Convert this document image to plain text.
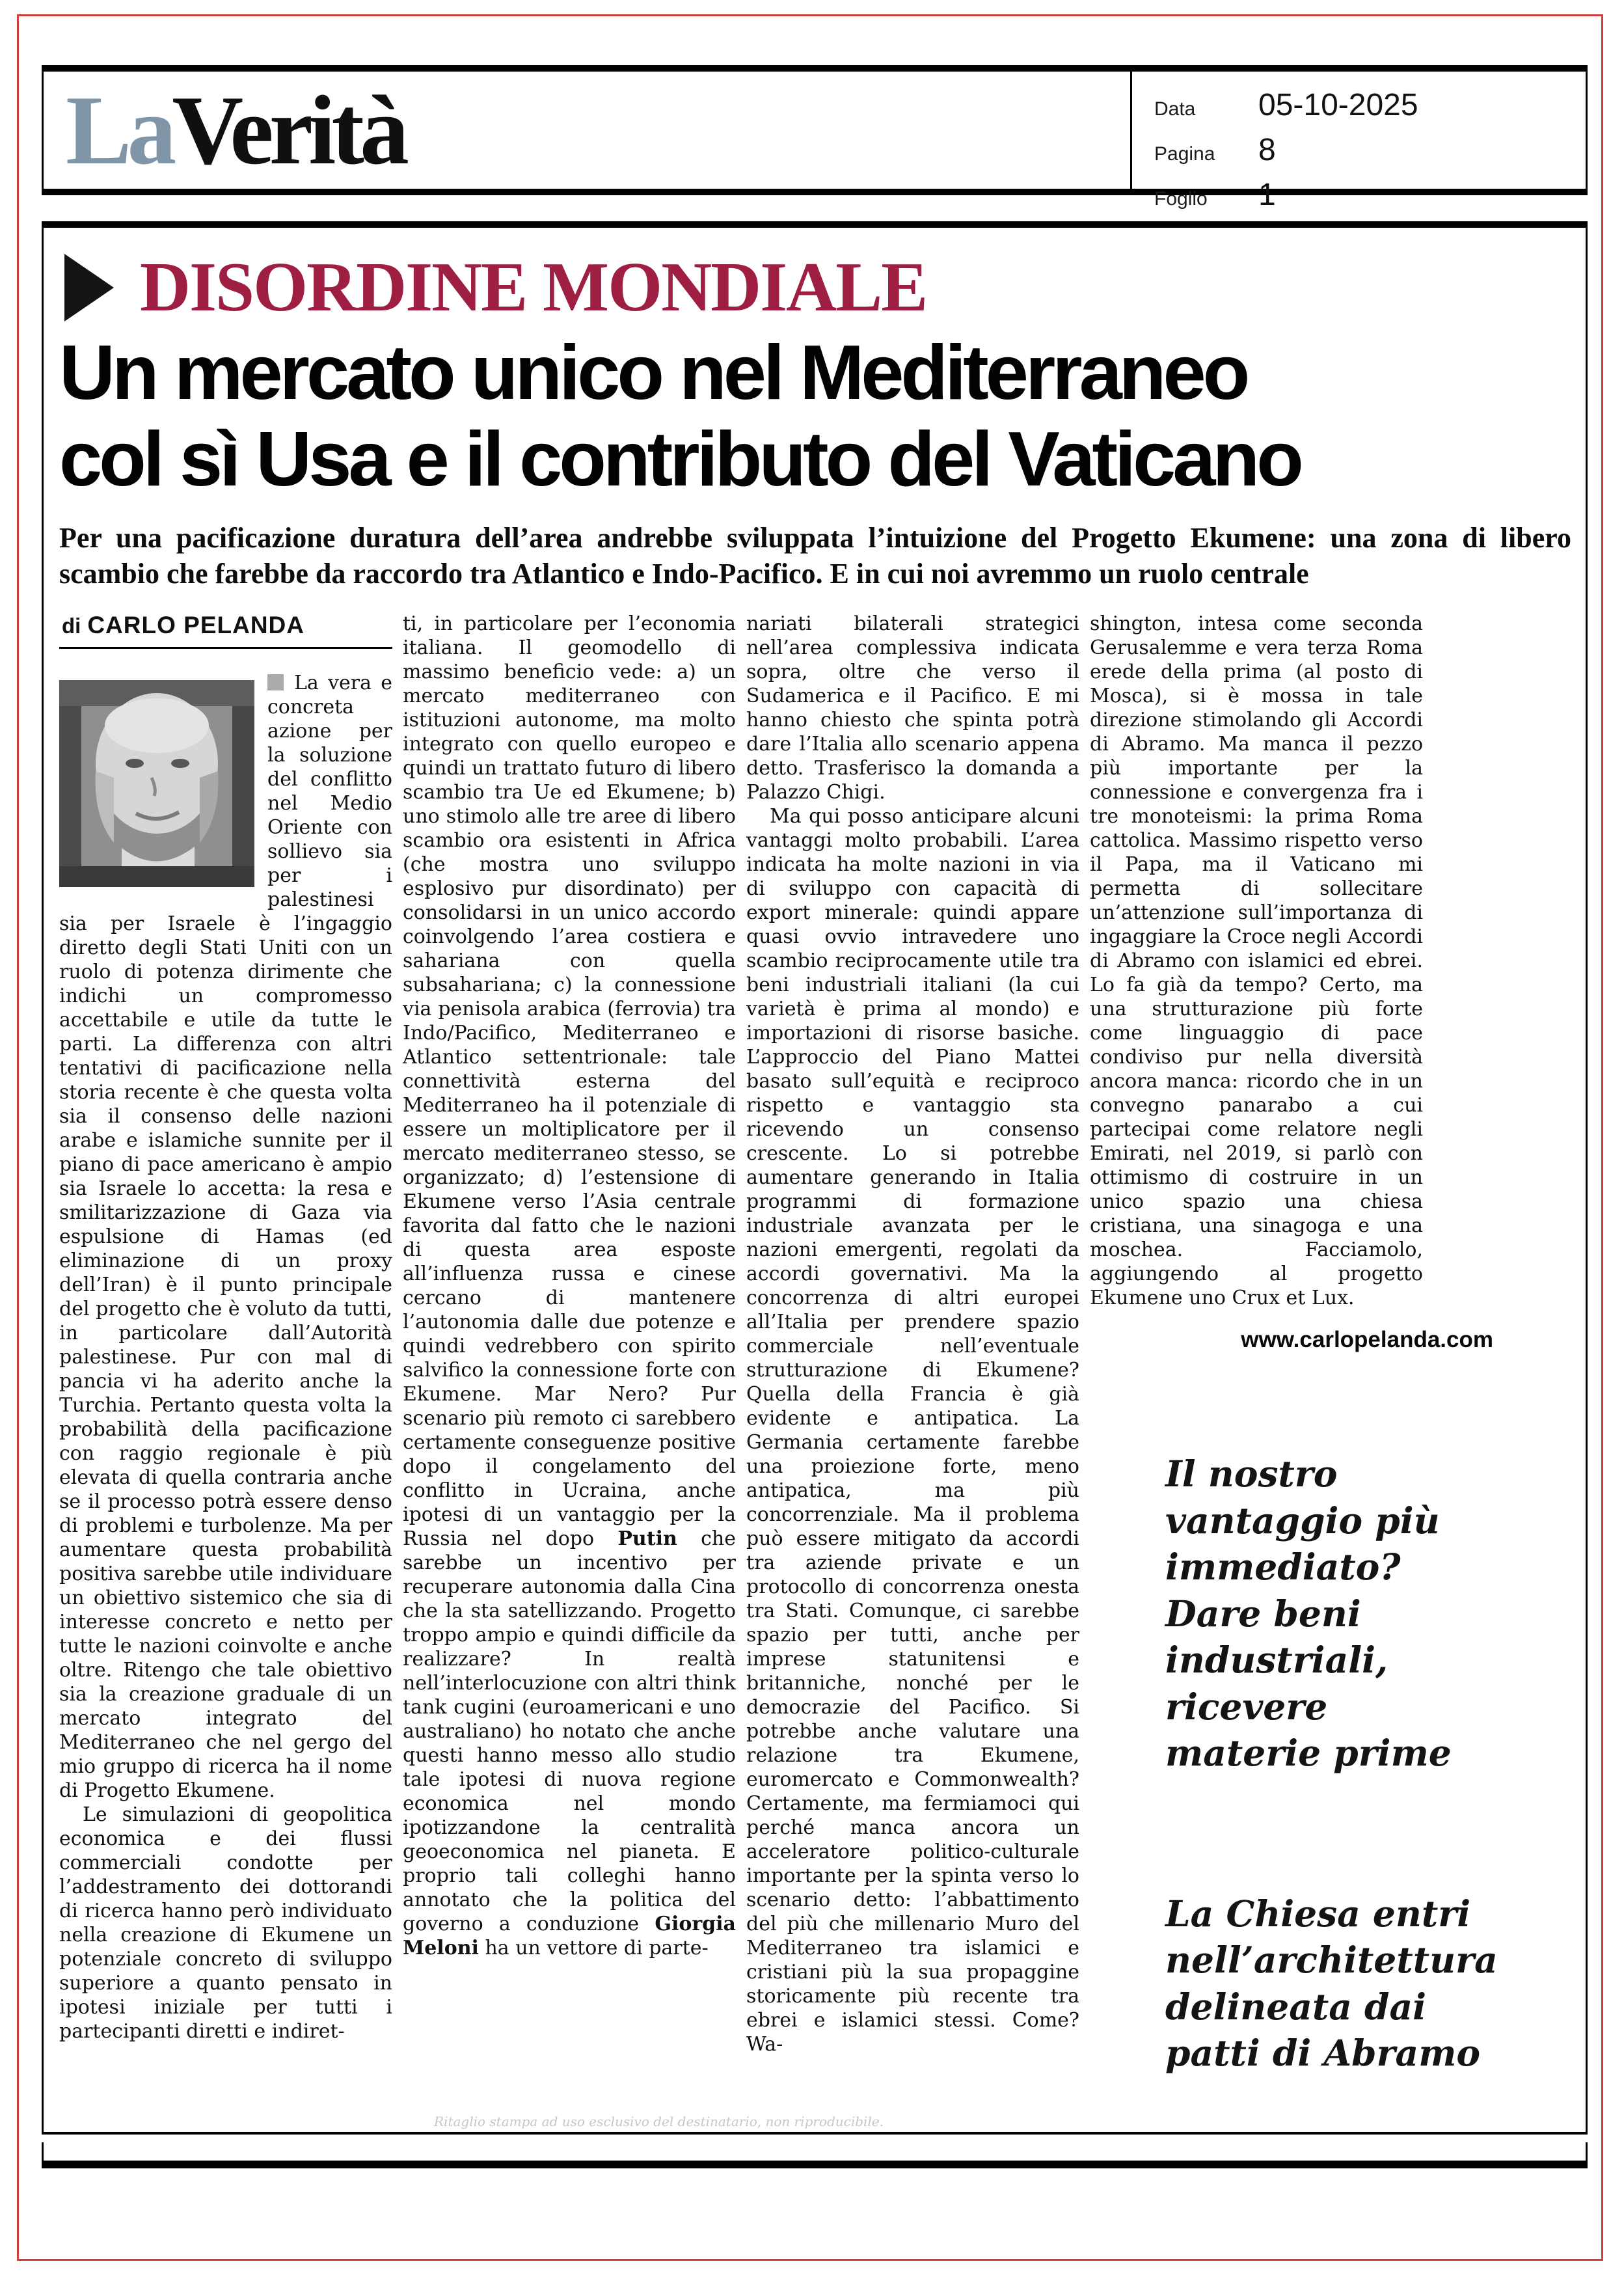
LaVerità	Data	05-10-2025
Pagina	8
Foglio	1
DISORDINE MONDIALE
Un mercato unico nel Mediterraneo
col sì Usa e il contributo del Vaticano

Per una pacificazione duratura dell’area andrebbe sviluppata l’intuizione del Progetto Ekumene: una zona di libero scambio che farebbe da raccordo tra Atlantico e Indo-Pacifico. E in cui noi avremmo un ruolo centrale

di CARLO PELANDA

La vera e concreta azione per la soluzione del conflitto nel Medio Oriente con sollievo sia per i palestinesi sia per Israele è l’ingaggio diretto degli Stati Uniti con un ruolo di potenza dirimente che indichi un compromesso accettabile e utile da tutte le parti. La differenza con altri tentativi di pacificazione nella storia recente è che questa volta sia il consenso delle nazioni arabe e islamiche sunnite per il piano di pace americano è ampio sia Israele lo accetta: la resa e smilitarizzazione di Gaza via espulsione di Hamas (ed eliminazione di un proxy dell’Iran) è il punto principale del progetto che è voluto da tutti, in particolare dall’Autorità palestinese. Pur con mal di pancia vi ha aderito anche la Turchia. Pertanto questa volta la probabilità della pacificazione con raggio regionale è più elevata di quella contraria anche se il processo potrà essere denso di problemi e turbolenze. Ma per aumentare questa probabilità positiva sarebbe utile individuare un obiettivo sistemico che sia di interesse concreto e netto per tutte le nazioni coinvolte e anche oltre. Ritengo che tale obiettivo sia la creazione graduale di un mercato integrato del Mediterraneo che nel gergo del mio gruppo di ricerca ha il nome di Progetto Ekumene.

Le simulazioni di geopolitica economica e dei flussi commerciali condotte per l’addestramento dei dottorandi di ricerca hanno però individuato nella creazione di Ekumene un potenziale concreto di sviluppo superiore a quanto pensato in ipotesi iniziale per tutti i partecipanti diretti e indiret-

ti, in particolare per l’economia italiana. Il geomodello di massimo beneficio vede: a) un mercato mediterraneo con istituzioni autonome, ma molto integrato con quello europeo e quindi un trattato futuro di libero scambio tra Ue ed Ekumene; b) uno stimolo alle tre aree di libero scambio ora esistenti in Africa (che mostra uno sviluppo esplosivo pur disordinato) per consolidarsi in un unico accordo coinvolgendo l’area costiera e sahariana con quella subsahariana; c) la connessione via penisola arabica (ferrovia) tra Indo/Pacifico, Mediterraneo e Atlantico settentrionale: tale connettività esterna del Mediterraneo ha il potenziale di essere un moltiplicatore per il mercato mediterraneo stesso, se organizzato; d) l’estensione di Ekumene verso l’Asia centrale favorita dal fatto che le nazioni di questa area esposte all’influenza russa e cinese cercano di mantenere l’autonomia dalle due potenze e quindi vedrebbero con spirito salvifico la connessione forte con Ekumene. Mar Nero? Pur scenario più remoto ci sarebbero certamente conseguenze positive dopo il congelamento del conflitto in Ucraina, anche ipotesi di un vantaggio per la Russia nel dopo Putin che sarebbe un incentivo per recuperare autonomia dalla Cina che la sta satellizzando. Progetto troppo ampio e quindi difficile da realizzare? In realtà nell’interlocuzione con altri think tank cugini (euroamericani e uno australiano) ho notato che anche questi hanno messo allo studio tale ipotesi di nuova regione economica nel mondo ipotizzandone la centralità geoeconomica nel pianeta. E proprio tali colleghi hanno annotato che la politica del governo a conduzione Giorgia Meloni ha un vettore di parte-

nariati bilaterali strategici nell’area complessiva indicata sopra, oltre che verso il Sudamerica e il Pacifico. E mi hanno chiesto che spinta potrà dare l’Italia allo scenario appena detto. Trasferisco la domanda a Palazzo Chigi.

Ma qui posso anticipare alcuni vantaggi molto probabili. L’area indicata ha molte nazioni in via di sviluppo con capacità di export minerale: quindi appare quasi ovvio intravedere uno scambio reciprocamente utile tra beni industriali italiani (la cui varietà è prima al mondo) e importazioni di risorse basiche. L’approccio del Piano Mattei basato sull’equità e reciproco rispetto e vantaggio sta ricevendo un consenso crescente. Lo si potrebbe aumentare generando in Italia programmi di formazione industriale avanzata per le nazioni emergenti, regolati da accordi governativi. Ma la concorrenza di altri europei all’Italia per prendere spazio commerciale nell’eventuale strutturazione di Ekumene? Quella della Francia è già evidente e antipatica. La Germania certamente farebbe una proiezione forte, meno antipatica, ma più concorrenziale. Ma il problema può essere mitigato da accordi tra aziende private e un protocollo di concorrenza onesta tra Stati. Comunque, ci sarebbe spazio per tutti, anche per imprese statunitensi e britanniche, nonché per le democrazie del Pacifico. Si potrebbe anche valutare una relazione tra Ekumene, euromercato e Commonwealth? Certamente, ma fermiamoci qui perché manca ancora un acceleratore politico-culturale importante per la spinta verso lo scenario detto: l’abbattimento del più che millenario Muro del Mediterraneo tra islamici e cristiani più la sua propaggine storicamente più recente tra ebrei e islamici stessi. Come? Wa-

shington, intesa come seconda Gerusalemme e vera terza Roma erede della prima (al posto di Mosca), si è mossa in tale direzione stimolando gli Accordi di Abramo. Ma manca il pezzo più importante per la connessione e convergenza fra i tre monoteismi: la prima Roma cattolica. Massimo rispetto verso il Papa, ma il Vaticano mi permetta di sollecitare un’attenzione sull’importanza di ingaggiare la Croce negli Accordi di Abramo con islamici ed ebrei. Lo fa già da tempo? Certo, ma una strutturazione più forte come linguaggio di pace condiviso pur nella diversità ancora manca: ricordo che in un convegno panarabo a cui partecipai come relatore negli Emirati, nel 2019, si parlò con ottimismo di costruire in un unico spazio una chiesa cristiana, una sinagoga e una moschea. Facciamolo, aggiungendo al progetto Ekumene uno Crux et Lux.

www.carlopelanda.com
Il nostro vantaggio più immediato? Dare beni industriali, ricevere materie prime
La Chiesa entri nell’architettura delineata dai patti di Abramo
Ritaglio stampa ad uso esclusivo del destinatario, non riproducibile.
